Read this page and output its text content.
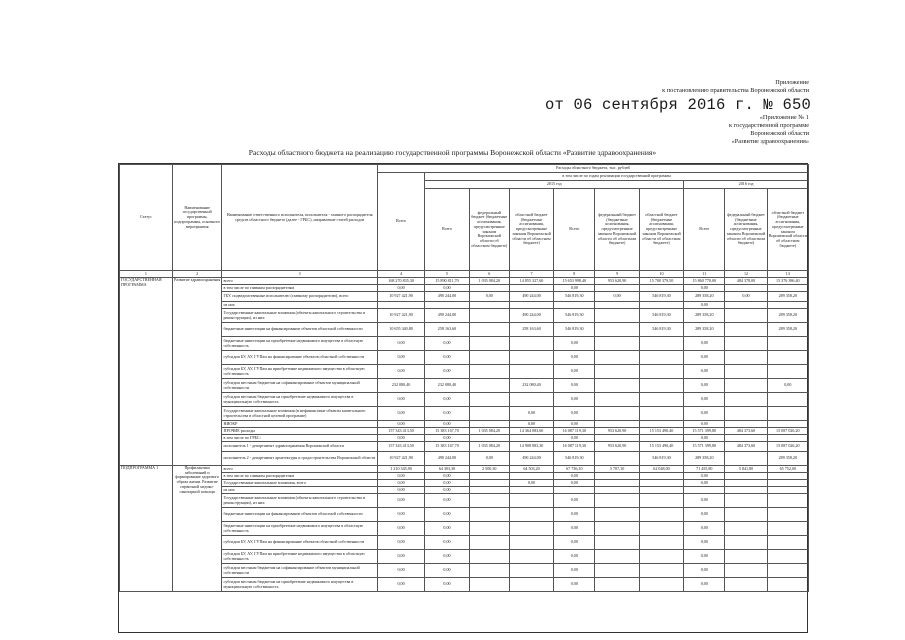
Приложение
к постановлению правительства Воронежской области
от 06 сентября 2016 г. № 650
«Приложение № 1
к государственной программе
Воронежской области
«Развитие здравоохранения»
Расходы областного бюджета на реализацию государственной программы Воронежской области «Развитие здравоохранения»
Статус	Наименование государственной программы, подпрограммы, основного мероприятия	Наименование ответственного исполнителя, исполнителя - главного распорядителя средств областного бюджета (далее - ГРБС), направление статей расходов	Расходы областного бюджета, тыс. рублей									
			Всего	в том числе по годам реализации государственной программы								
				2015 год						2016 год		
				Всего	федеральный бюджет (бюджетные ассигнования, предусмотренные законом Воронежской области об областном бюджете)	областной бюджет (бюджетные ассигнования, предусмотренные законом Воронежской области об областном бюджете)	Всего	федеральный бюджет (бюджетные ассигнования, предусмотренные законом Воронежской области об областном бюджете)	областной бюджет (бюджетные ассигнования, предусмотренные законом Воронежской области об областном бюджете)	Всего	федеральный бюджет (бюджетные ассигнования, предусмотренные законом Воронежской области об областном бюджете)	областной бюджет (бюджетные ассигнования, предусмотренные законом Воронежской области об областном бюджете)
1	2	3	4	5	6	7	8	9	10	11	12	13
ГОСУДАРСТВЕННАЯ ПРОГРАММА	Развитие здравоохранения	всего	168 270 835,30	15 890 811,70	1 035 084,20	14 855 327,60	15 653 998,40	953 620,90	15 700 379,50	15 860 770,00	484 378,00	15 376 386,40
		в том числе по главным распорядителям	0,00	0,00			0,00			0,00		
		ГБУ, подведомственные исполнителю (главному распорядителю), всего	10 927 421,90	490 244,00	0,00	490 244,00	546 819,30	0,00	546 819,30	289 358,20	0,00	289 358,20
		из них								0,00		
		Государственные капитальные вложения (объекты капитального строительства и реконструкции), из них:	10 927 421,90	490 244,00		490 244,00	546 819,30		546 819,30	289 358,20		289 358,20
		бюджетные инвестиции на финансирование объектов областной собственности	10 655 340,80	258 163,60		258 163,60	546 819,30		546 819,30	289 358,20		289 358,20
		бюджетные инвестиции на приобретение недвижимого имущества в областную собственность	0,00	0,00			0,00			0,00		
		субсидии БУ, АУ, ГУПам на финансирование объектов областной собственности	0,00	0,00			0,00			0,00		
		субсидии БУ, АУ, ГУПам на приобретение недвижимого имущества в областную собственность	0,00	0,00			0,00			0,00		
		субсидии местным бюджетам на софинансирование объектов муниципальной собственности	232 080,40	232 080,40		232 080,40	0,00			0,00		0,00
		субсидии местным бюджетам на приобретение недвижимого имущества в муниципальную собственность	0,00	0,00			0,00			0,00		
		Государственные капитальные вложения (в нефинансовые объекты капитального строительства в областной целевой программе)	0,00	0,00		0,00	0,00			0,00		
		НИОКР	0,00	0,00		0,00	0,00			0,00		
		ПРОЧИЕ расходы	157 343 413,50	15 383 167,70	1 035 084,20	14 364 083,60	16 087 119,30	953 620,90	15 153 490,40	15 571 399,80	484 373,60	15 087 026,20
		в том числе по ГРБС:	0,00	0,00			0,00			0,00		
		исполнитель 1 - департамент здравоохранения Воронежской области	157 343 413,50	15 383 167,70	1 035 084,20	14 908 083,30	16 087 119,30	953 620,90	15 153 490,40	15 571 399,80	484 373,60	15 087 026,20
		исполнитель 2 - департамент архитектуры и градостроительства Воронежской области	10 927 421,90	490 244,00	0,00	490 244,00	546 819,30		546 819,30	289 358,20		289 358,20
ПОДПРОГРАММА 1	Профилактика заболеваний и формирование здорового образа жизни. Развитие первичной медико-санитарной помощи	всего	1 210 345,90	64 303,30	2 500,30	64 503,20	67 736,10	5 707,10	62 048,00	71 455,80	5 841,80	65 752,00
		в том числе по главным распорядителям	0,00	0,00			0,00			0,00		
		Государственные капитальные вложения, всего	0,00	0,00		0,00	0,00			0,00		
		из них	0,00	0,00								
		Государственные капитальные вложения (объекты капитального строительства и реконструкции), из них:	0,00	0,00			0,00			0,00		
		бюджетные инвестиции на финансирование объектов областной собственности	0,00	0,00			0,00			0,00		
		бюджетные инвестиции на приобретение недвижимого имущества в областную собственность	0,00	0,00			0,00			0,00		
		субсидии БУ, АУ, ГУПам на финансирование объектов областной собственности	0,00	0,00			0,00			0,00		
		субсидии БУ, АУ, ГУПам на приобретение недвижимого имущества в областную собственность	0,00	0,00			0,00			0,00		
		субсидии местным бюджетам на софинансирование объектов муниципальной собственности	0,00	0,00			0,00			0,00		
		субсидии местным бюджетам на приобретение недвижимого имущества в муниципальную собственность	0,00	0,00			0,00			0,00		
